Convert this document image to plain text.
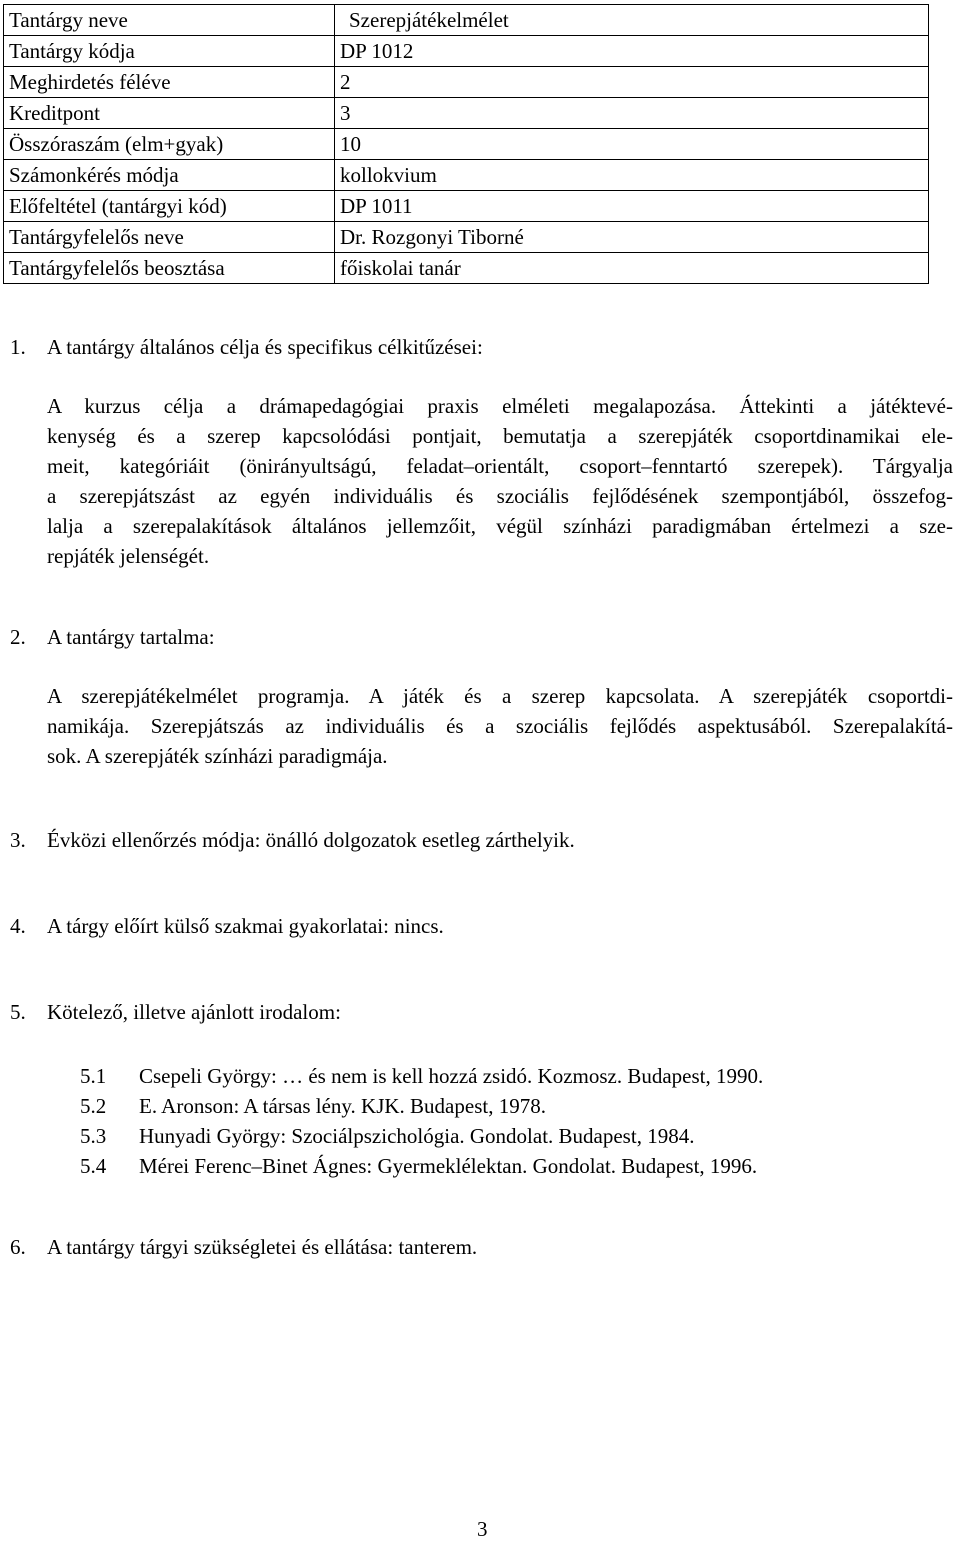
Tantárgy neve	Szerepjátékelmélet
Tantárgy kódja	DP 1012
Meghirdetés féléve	2
Kreditpont	3
Összóraszám (elm+gyak)	10
Számonkérés módja	kollokvium
Előfeltétel (tantárgyi kód)	DP 1011
Tantárgyfelelős neve	Dr. Rozgonyi Tiborné
Tantárgyfelelős beosztása	főiskolai tanár
1. A tantárgy általános célja és specifikus célkitűzései:
A kurzus célja a drámapedagógiai praxis elméleti megalapozása. Áttekinti a játéktevé-
kenység és a szerep kapcsolódási pontjait, bemutatja a szerepjáték csoportdinamikai ele-
meit, kategóriáit (önirányultságú, feladat–orientált, csoport–fenntartó szerepek). Tárgyalja
a szerepjátszást az egyén individuális és szociális fejlődésének szempontjából, összefog-
lalja a szerepalakítások általános jellemzőit, végül színházi paradigmában értelmezi a sze-
repjáték jelenségét.
2. A tantárgy tartalma:
A szerepjátékelmélet programja. A játék és a szerep kapcsolata. A szerepjáték csoportdi-
namikája. Szerepjátszás az individuális és a szociális fejlődés aspektusából. Szerepalakítá-
sok. A szerepjáték színházi paradigmája.
3. Évközi ellenőrzés módja: önálló dolgozatok esetleg zárthelyik.
4. A tárgy előírt külső szakmai gyakorlatai: nincs.
5. Kötelező, illetve ajánlott irodalom:
5.1 Csepeli György: … és nem is kell hozzá zsidó. Kozmosz. Budapest, 1990.
5.2 E. Aronson: A társas lény. KJK. Budapest, 1978.
5.3 Hunyadi György: Szociálpszichológia. Gondolat. Budapest, 1984.
5.4 Mérei Ferenc–Binet Ágnes: Gyermeklélektan. Gondolat. Budapest, 1996.
6. A tantárgy tárgyi szükségletei és ellátása: tanterem.
3
